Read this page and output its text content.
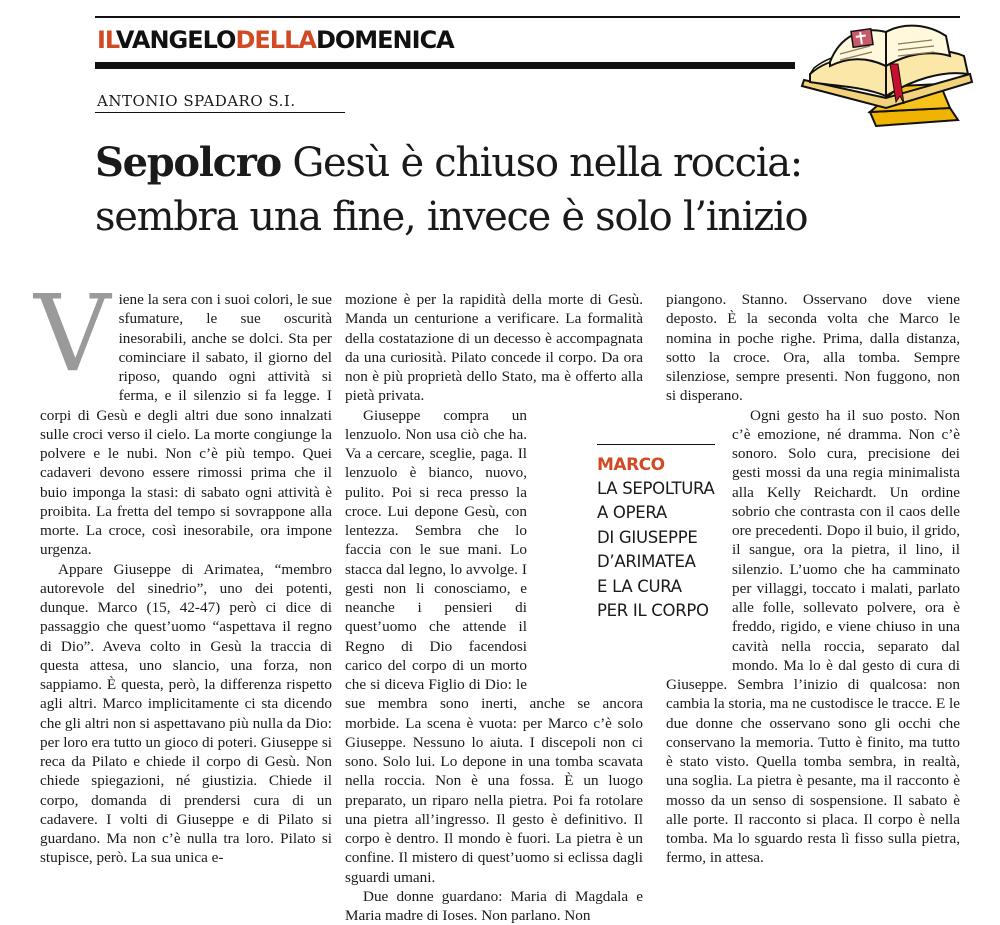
ILVANGELODELLADOMENICA
ANTONIO SPADARO S.I.
Sepolcro Gesù è chiuso nella roccia:
sembra una fine, invece è solo l’inizio
V iene la sera con i suoi colori, le sue sfumature, le sue oscurità inesorabili, anche se dolci. Sta per cominciare il sabato, il giorno del riposo, quando ogni attività si ferma, e il silenzio si fa legge. I corpi di Gesù e degli altri due sono innalzati sulle croci verso il cielo. La morte congiunge la polvere e le nubi. Non c’è più tempo. Quei cadaveri devono essere rimossi prima che il buio imponga la stasi: di sabato ogni attività è proibita. La fretta del tempo si sovrappone alla morte. La croce, così inesorabile, ora impone urgenza.

Appare Giuseppe di Arimatea, “membro autorevole del sinedrio”, uno dei potenti, dunque. Marco (15, 42-47) però ci dice di passaggio che quest’uomo “aspettava il regno di Dio”. Aveva colto in Gesù la traccia di questa attesa, uno slancio, una forza, non sappiamo. È questa, però, la differenza rispetto agli altri. Marco implicitamente ci sta dicendo che gli altri non si aspettavano più nulla da Dio: per loro era tutto un gioco di poteri. Giuseppe si reca da Pilato e chiede il corpo di Gesù. Non chiede spiegazioni, né giustizia. Chiede il corpo, domanda di prendersi cura di un cadavere. I volti di Giuseppe e di Pilato si guardano. Ma non c’è nulla tra loro. Pilato si stupisce, però. La sua unica e-

mozione è per la rapidità della morte di Gesù. Manda un centurione a verificare. La formalità della costatazione di un decesso è accompagnata da una curiosità. Pilato concede il corpo. Da ora non è più proprietà dello Stato, ma è offerto alla pietà privata.

Giuseppe compra un lenzuolo. Non usa ciò che ha. Va a cercare, sceglie, paga. Il lenzuolo è bianco, nuovo, pulito. Poi si reca presso la croce. Lui depone Gesù, con lentezza. Sembra che lo faccia con le sue mani. Lo stacca dal legno, lo avvolge. I gesti non li conosciamo, e neanche i pensieri di quest’uomo che attende il Regno di Dio facendosi carico del corpo di un morto che si diceva Figlio di Dio: le sue membra sono inerti, anche se ancora morbide. La scena è vuota: per Marco c’è solo Giuseppe. Nessuno lo aiuta. I discepoli non ci sono. Solo lui. Lo depone in una tomba scavata nella roccia. Non è una fossa. È un luogo preparato, un riparo nella pietra. Poi fa rotolare una pietra all’ingresso. Il gesto è definitivo. Il corpo è dentro. Il mondo è fuori. La pietra è un confine. Il mistero di quest’uomo si eclissa dagli sguardi umani.

Due donne guardano: Maria di Magdala e Maria madre di Ioses. Non parlano. Non

piangono. Stanno. Osservano dove viene deposto. È la seconda volta che Marco le nomina in poche righe. Prima, dalla distanza, sotto la croce. Ora, alla tomba. Sempre silenziose, sempre presenti. Non fuggono, non si disperano.

Ogni gesto ha il suo posto. Non c’è emozione, né dramma. Non c’è sonoro. Solo cura, precisione dei gesti mossi da una regia minimalista alla Kelly Reichardt. Un ordine sobrio che contrasta con il caos delle ore precedenti. Dopo il buio, il grido, il sangue, ora la pietra, il lino, il silenzio. L’uomo che ha camminato per villaggi, toccato i malati, parlato alle folle, sollevato polvere, ora è freddo, rigido, e viene chiuso in una cavità nella roccia, separato dal mondo. Ma lo è dal gesto di cura di Giuseppe. Sembra l’inizio di qualcosa: non cambia la storia, ma ne custodisce le tracce. E le due donne che osservano sono gli occhi che conservano la memoria. Tutto è finito, ma tutto è stato visto. Quella tomba sembra, in realtà, una soglia. La pietra è pesante, ma il racconto è mosso da un senso di sospensione. Il sabato è alle porte. Il racconto si placa. Il corpo è nella tomba. Ma lo sguardo resta lì fisso sulla pietra, fermo, in attesa.

MARCO
LA SEPOLTURA
A OPERA
DI GIUSEPPE
D’ARIMATEA
E LA CURA
PER IL CORPO
